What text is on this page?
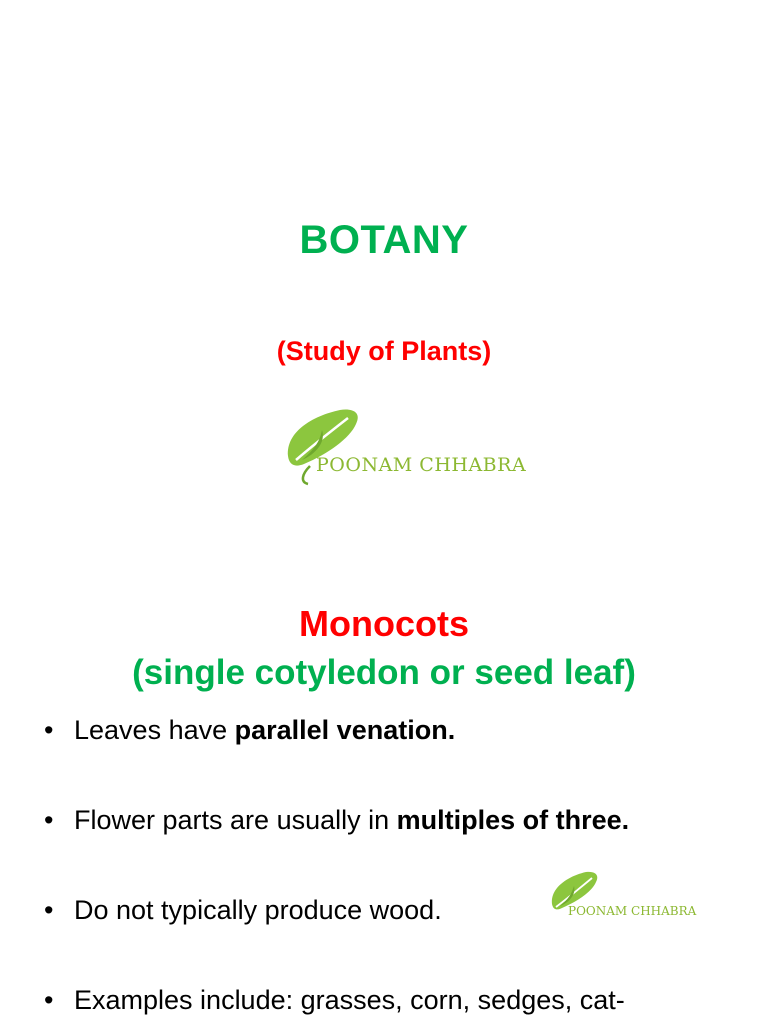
BOTANY
(Study of Plants)
POONAM CHHABRA
Monocots
(single cotyledon or seed leaf)
• Leaves have parallel venation.
• Flower parts are usually in multiples of three.
• Do not typically produce wood.
• Examples include: grasses, corn, sedges, cat-
POONAM CHHABRA
